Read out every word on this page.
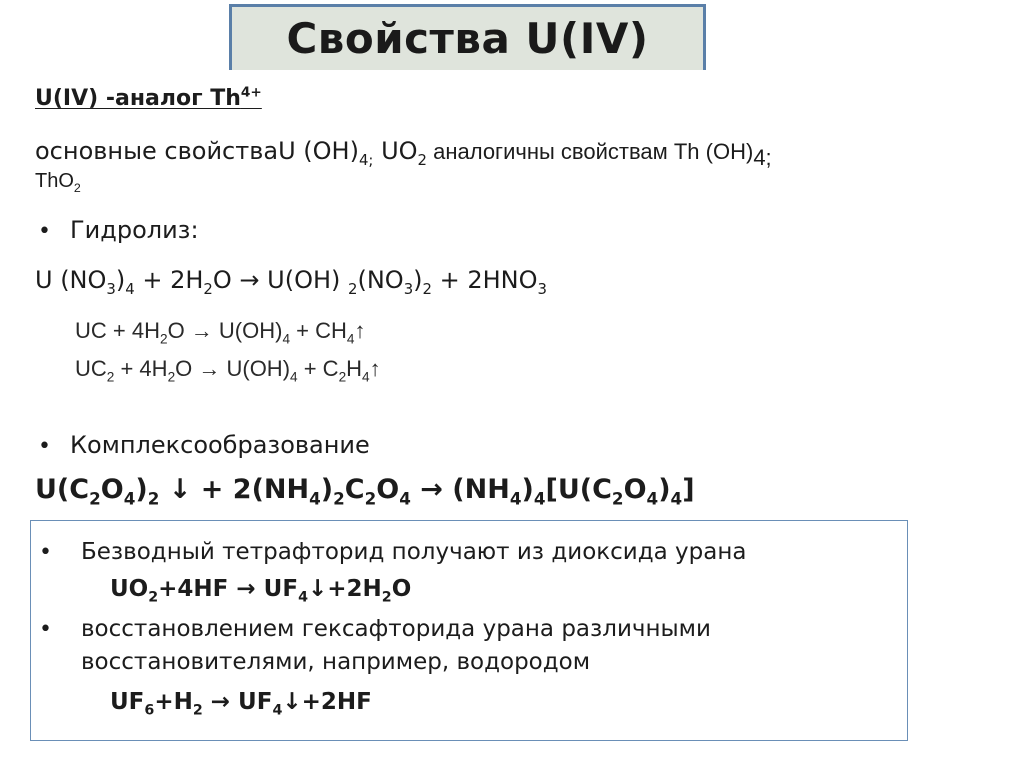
Свойства U(IV)
U(IV) -аналог $Th^{4+}$
основные свойстваU $(OH)_{4;}$ $UO_2$ аналогичны свойствам Th $(OH)_{4;}$
ThO$_2$
• Гидролиз:
U $(NO_3)_4 + 2H_2O \to U(OH) _2(NO_3)_2 + 2HNO_3$
UC + $4H_2O \to U(OH)_4$ + $CH_4↑$
$UC_2 + 4H_2O \to U(OH)_4$ + $C_2H_4↑$
• Комплексообразование
$U(C_2O_4)_2$ ↓ + $2(NH_4)_2C_2O_4 \to (NH_4)_4[U(C_2O_4)_4]$
• Безводный тетрафторид получают из диоксида урана
$UO_2+4HF$ → $UF_4↓+2H_2O$
• восстановлением гексафторида урана различными
восстановителями, например, водородом
$UF_6+H_2$ → $UF_4↓+2HF$
